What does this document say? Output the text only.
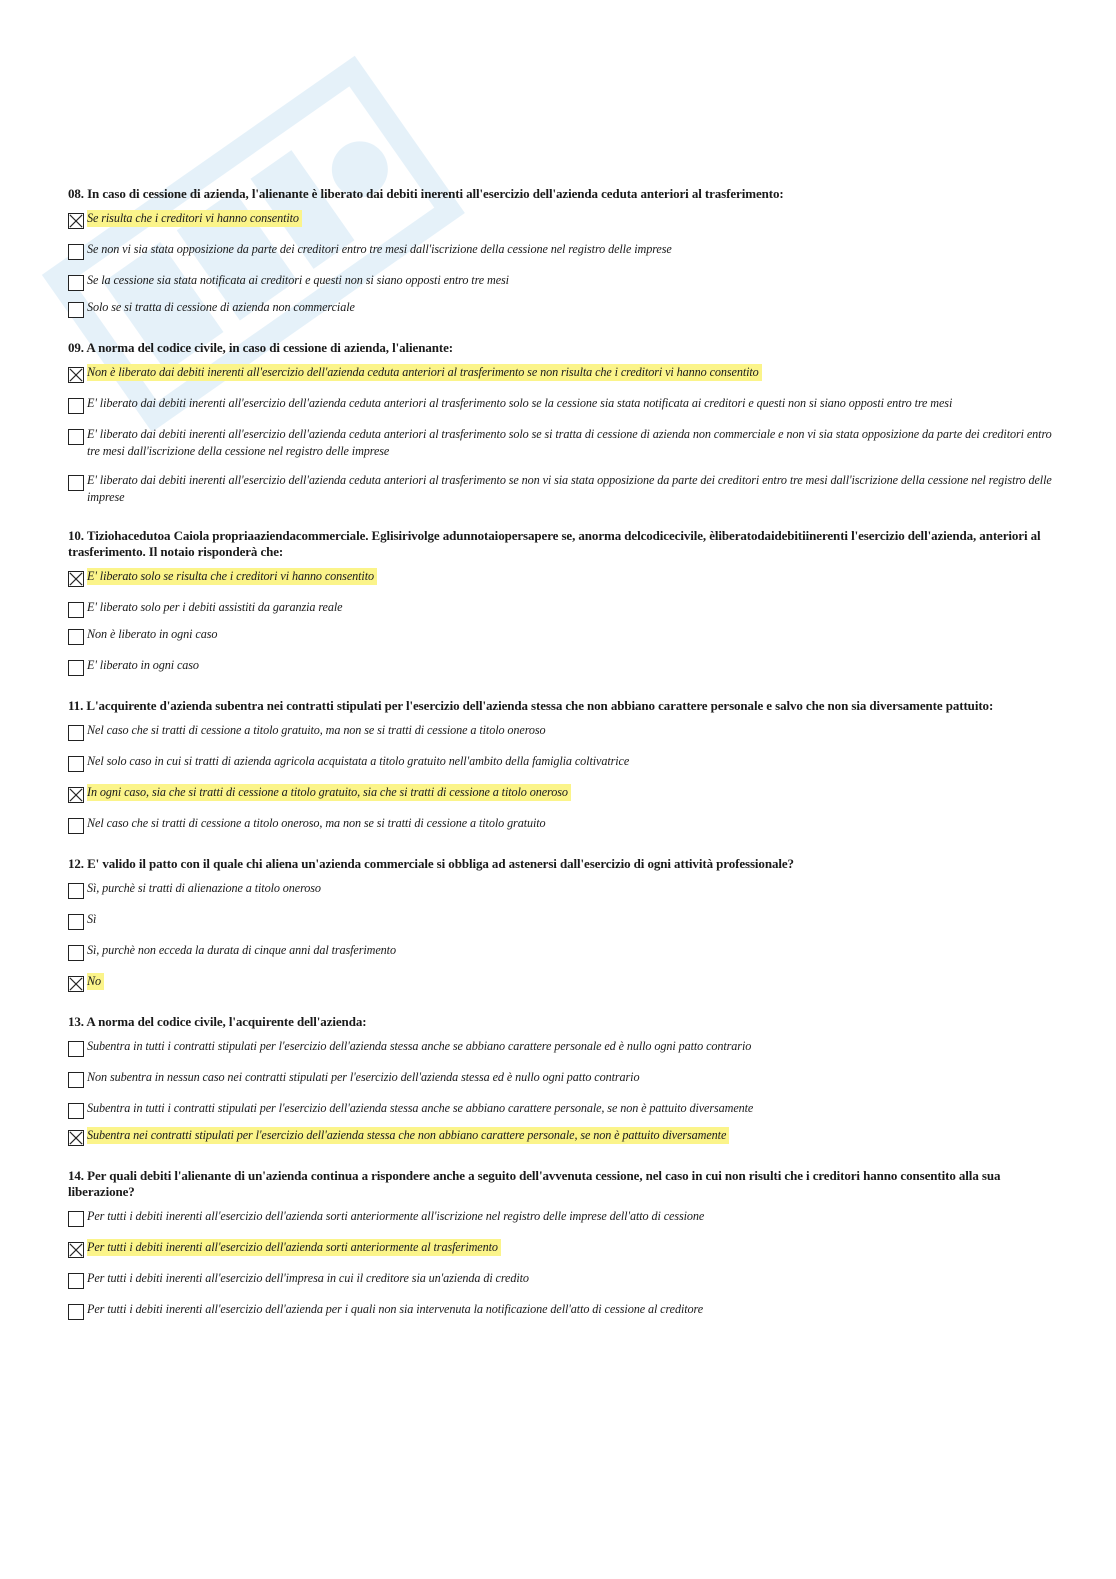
08. In caso di cessione di azienda, l'alienante è liberato dai debiti inerenti all'esercizio dell'azienda ceduta anteriori al trasferimento:

Se risulta che i creditori vi hanno consentito
Se non vi sia stata opposizione da parte dei creditori entro tre mesi dall'iscrizione della cessione nel registro delle imprese
Se la cessione sia stata notificata ai creditori e questi non si siano opposti entro tre mesi
Solo se si tratta di cessione di azienda non commerciale

09. A norma del codice civile, in caso di cessione di azienda, l'alienante:

Non è liberato dai debiti inerenti all'esercizio dell'azienda ceduta anteriori al trasferimento se non risulta che i creditori vi hanno consentito
E' liberato dai debiti inerenti all'esercizio dell'azienda ceduta anteriori al trasferimento solo se la cessione sia stata notificata ai creditori e questi non si siano opposti entro tre mesi
E' liberato dai debiti inerenti all'esercizio dell'azienda ceduta anteriori al trasferimento solo se si tratta di cessione di azienda non commerciale e non vi sia stata opposizione da parte dei creditori entro tre mesi dall'iscrizione della cessione nel registro delle imprese
E' liberato dai debiti inerenti all'esercizio dell'azienda ceduta anteriori al trasferimento se non vi sia stata opposizione da parte dei creditori entro tre mesi dall'iscrizione della cessione nel registro delle imprese

10. Tiziohacedutoa Caiola propriaaziendacommerciale. Eglisirivolge adunnotaiopersapere se, anorma delcodicecivile, èliberatodaidebitiinerenti l'esercizio dell'azienda, anteriori al trasferimento. Il notaio risponderà che:

E' liberato solo se risulta che i creditori vi hanno consentito
E' liberato solo per i debiti assistiti da garanzia reale
Non è liberato in ogni caso
E' liberato in ogni caso

11. L'acquirente d'azienda subentra nei contratti stipulati per l'esercizio dell'azienda stessa che non abbiano carattere personale e salvo che non sia diversamente pattuito:

Nel caso che si tratti di cessione a titolo gratuito, ma non se si tratti di cessione a titolo oneroso
Nel solo caso in cui si tratti di azienda agricola acquistata a titolo gratuito nell'ambito della famiglia coltivatrice
In ogni caso, sia che si tratti di cessione a titolo gratuito, sia che si tratti di cessione a titolo oneroso
Nel caso che si tratti di cessione a titolo oneroso, ma non se si tratti di cessione a titolo gratuito

12. E' valido il patto con il quale chi aliena un'azienda commerciale si obbliga ad astenersi dall'esercizio di ogni attività professionale?

Sì, purchè si tratti di alienazione a titolo oneroso
Sì
Sì, purchè non ecceda la durata di cinque anni dal trasferimento
No

13. A norma del codice civile, l'acquirente dell'azienda:

Subentra in tutti i contratti stipulati per l'esercizio dell'azienda stessa anche se abbiano carattere personale ed è nullo ogni patto contrario
Non subentra in nessun caso nei contratti stipulati per l'esercizio dell'azienda stessa ed è nullo ogni patto contrario
Subentra in tutti i contratti stipulati per l'esercizio dell'azienda stessa anche se abbiano carattere personale, se non è pattuito diversamente
Subentra nei contratti stipulati per l'esercizio dell'azienda stessa che non abbiano carattere personale, se non è pattuito diversamente

14. Per quali debiti l'alienante di un'azienda continua a rispondere anche a seguito dell'avvenuta cessione, nel caso in cui non risulti che i creditori hanno consentito alla sua liberazione?

Per tutti i debiti inerenti all'esercizio dell'azienda sorti anteriormente all'iscrizione nel registro delle imprese dell'atto di cessione
Per tutti i debiti inerenti all'esercizio dell'azienda sorti anteriormente al trasferimento
Per tutti i debiti inerenti all'esercizio dell'impresa in cui il creditore sia un'azienda di credito
Per tutti i debiti inerenti all'esercizio dell'azienda per i quali non sia intervenuta la notificazione dell'atto di cessione al creditore
